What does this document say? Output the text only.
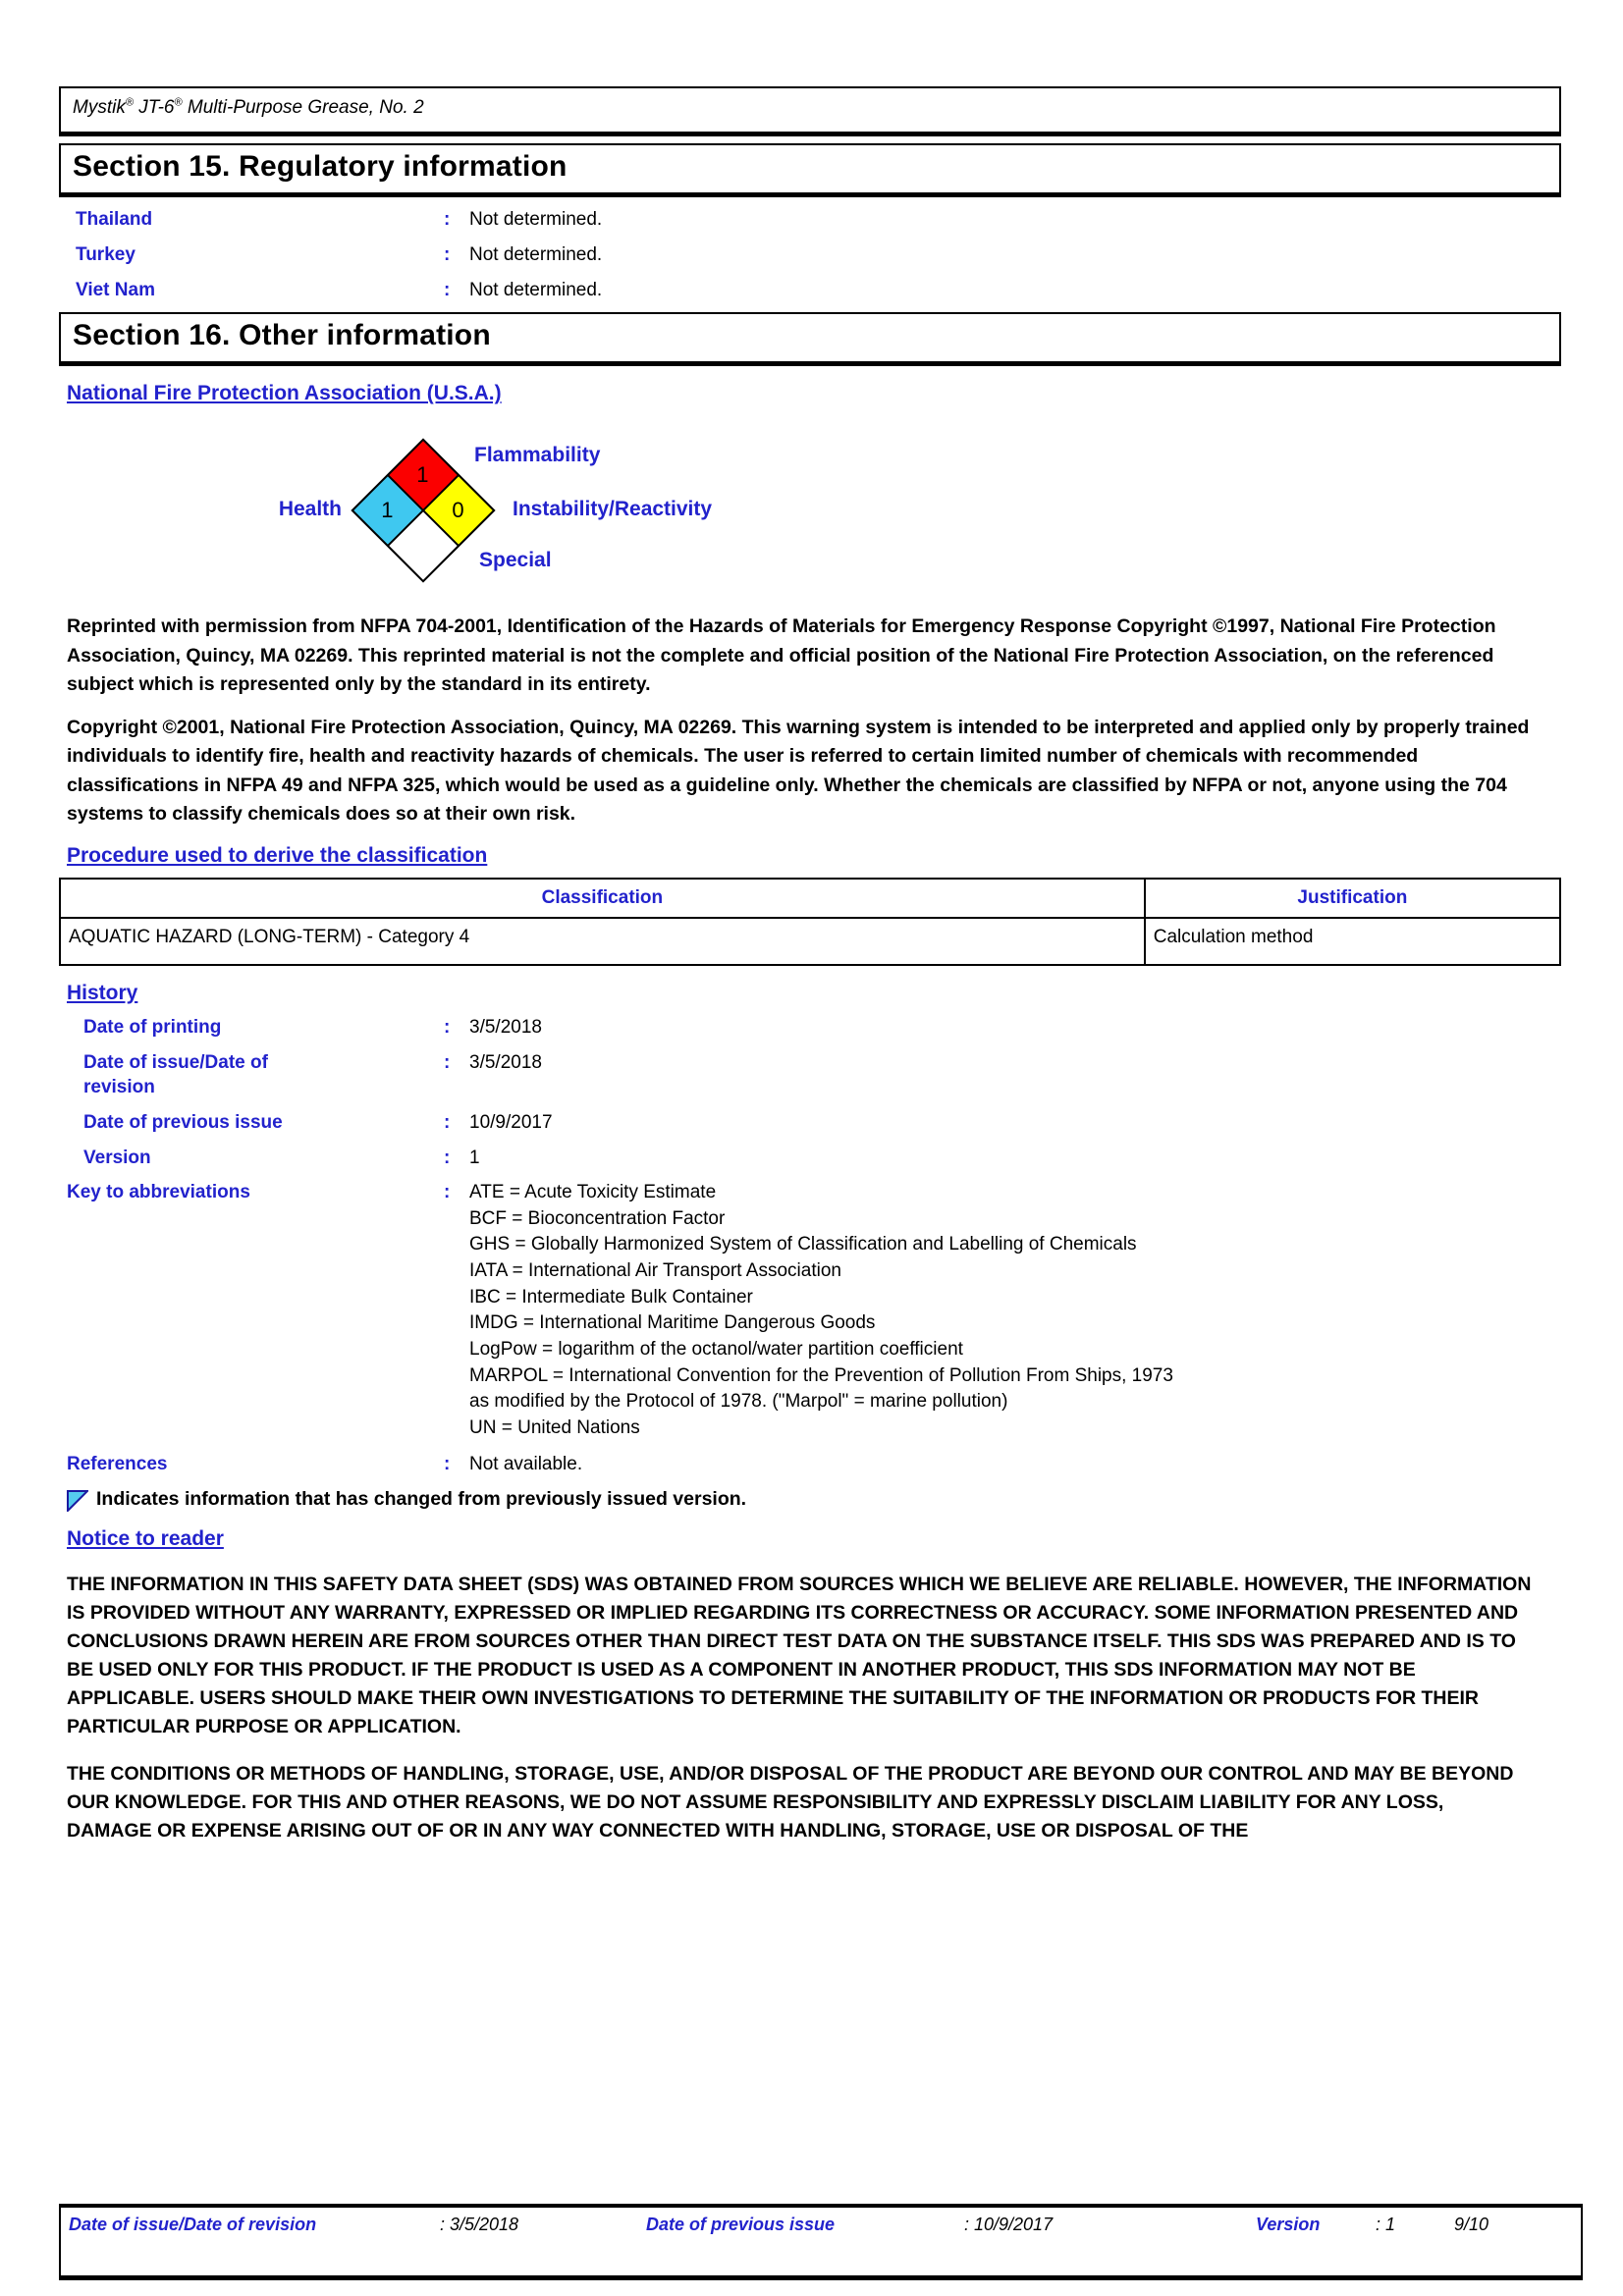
Mystik® JT-6® Multi-Purpose Grease, No. 2
Section 15. Regulatory information
Thailand	:	Not determined.
Turkey	:	Not determined.
Viet Nam	:	Not determined.
Section 16. Other information
National Fire Protection Association (U.S.A.)
Health
Flammability
Instability/Reactivity
Special
1
0
1

Reprinted with permission from NFPA 704-2001, Identification of the Hazards of Materials for Emergency Response Copyright ©1997, National Fire Protection Association, Quincy, MA 02269. This reprinted material is not the complete and official position of the National Fire Protection Association, on the referenced subject which is represented only by the standard in its entirety.

Copyright ©2001, National Fire Protection Association, Quincy, MA 02269. This warning system is intended to be interpreted and applied only by properly trained individuals to identify fire, health and reactivity hazards of chemicals. The user is referred to certain limited number of chemicals with recommended classifications in NFPA 49 and NFPA 325, which would be used as a guideline only. Whether the chemicals are classified by NFPA or not, anyone using the 704 systems to classify chemicals does so at their own risk.

Procedure used to derive the classification
Classification	Justification
AQUATIC HAZARD (LONG-TERM) - Category 4	Calculation method
History
Date of printing	:	3/5/2018
Date of issue/Date of revision
:	3/5/2018
Date of previous issue	:	10/9/2017
Version	:	1
Key to abbreviations	:	ATE = Acute Toxicity Estimate
BCF = Bioconcentration Factor
GHS = Globally Harmonized System of Classification and Labelling of Chemicals
IATA = International Air Transport Association
IBC = Intermediate Bulk Container
IMDG = International Maritime Dangerous Goods
LogPow = logarithm of the octanol/water partition coefficient
MARPOL = International Convention for the Prevention of Pollution From Ships, 1973
as modified by the Protocol of 1978. ("Marpol" = marine pollution)
UN = United Nations
References	:	Not available.
Indicates information that has changed from previously issued version.
Notice to reader

THE INFORMATION IN THIS SAFETY DATA SHEET (SDS) WAS OBTAINED FROM SOURCES WHICH WE BELIEVE ARE RELIABLE. HOWEVER, THE INFORMATION IS PROVIDED WITHOUT ANY WARRANTY, EXPRESSED OR IMPLIED REGARDING ITS CORRECTNESS OR ACCURACY. SOME INFORMATION PRESENTED AND CONCLUSIONS DRAWN HEREIN ARE FROM SOURCES OTHER THAN DIRECT TEST DATA ON THE SUBSTANCE ITSELF. THIS SDS WAS PREPARED AND IS TO BE USED ONLY FOR THIS PRODUCT. IF THE PRODUCT IS USED AS A COMPONENT IN ANOTHER PRODUCT, THIS SDS INFORMATION MAY NOT BE APPLICABLE. USERS SHOULD MAKE THEIR OWN INVESTIGATIONS TO DETERMINE THE SUITABILITY OF THE INFORMATION OR PRODUCTS FOR THEIR PARTICULAR PURPOSE OR APPLICATION.

THE CONDITIONS OR METHODS OF HANDLING, STORAGE, USE, AND/OR DISPOSAL OF THE PRODUCT ARE BEYOND OUR CONTROL AND MAY BE BEYOND OUR KNOWLEDGE. FOR THIS AND OTHER REASONS, WE DO NOT ASSUME RESPONSIBILITY AND EXPRESSLY DISCLAIM LIABILITY FOR ANY LOSS, DAMAGE OR EXPENSE ARISING OUT OF OR IN ANY WAY CONNECTED WITH HANDLING, STORAGE, USE OR DISPOSAL OF THE

Date of issue/Date of revision	: 3/5/2018	Date of previous issue	: 10/9/2017	Version	: 1	9/10
